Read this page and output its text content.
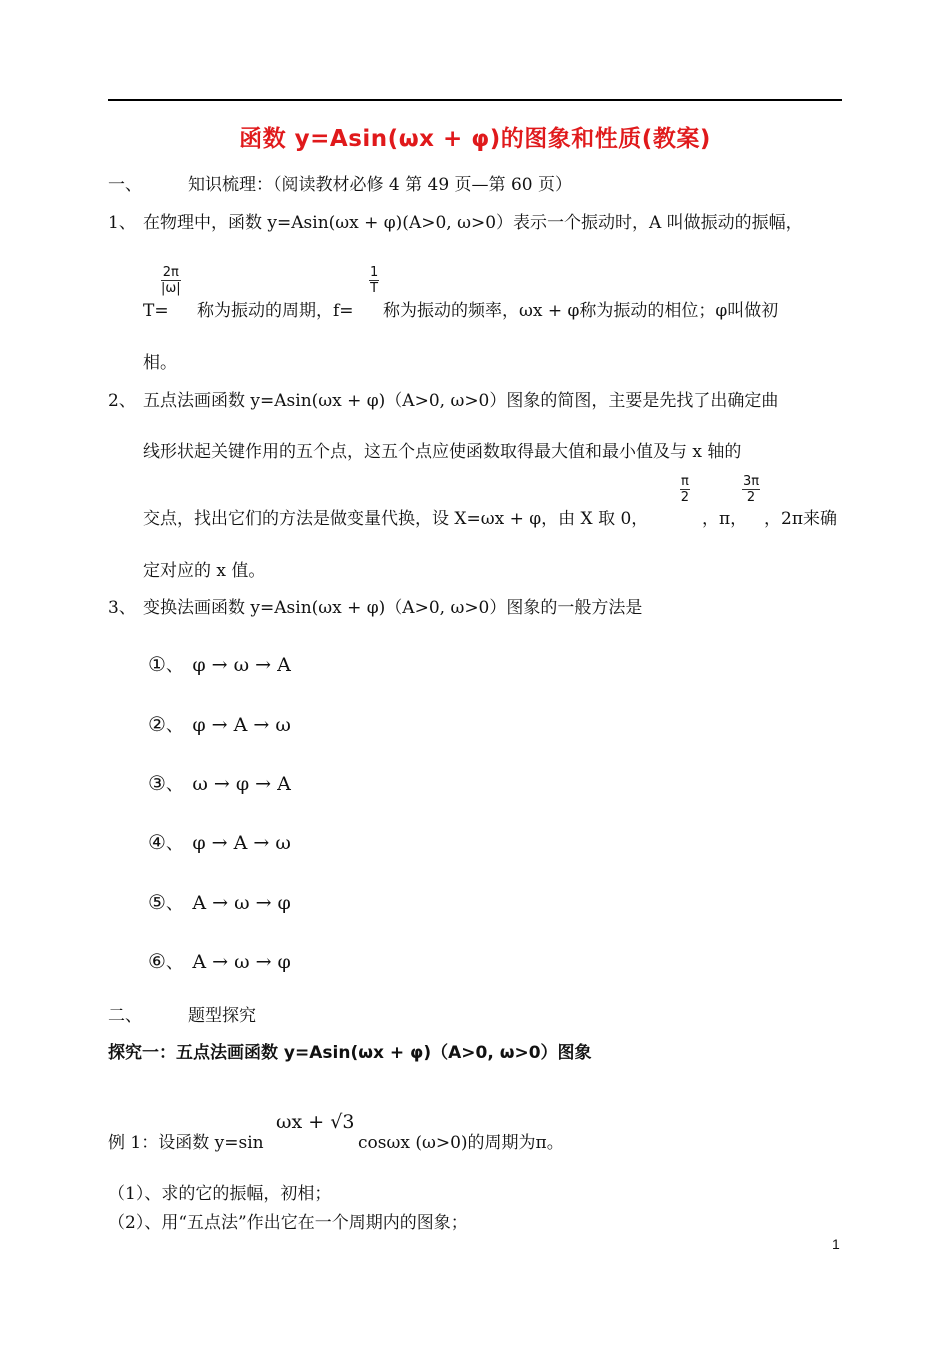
函数 y=Asin(ωx + φ)的图象和性质(教案)
一、	知识梳理：（阅读教材必修 4 第 49 页—第 60 页）
1、 在物理中，函数 y=Asin(ωx + φ)(A>0, ω>0）表示一个振动时，A 叫做振动的振幅，
T=
$\frac{2\pi}{|\omega|}$
称为振动的周期，f=
$\frac{1}{T}$
称为振动的频率，ωx + φ称为振动的相位；φ叫做初
相。
2、 五点法画函数 y=Asin(ωx + φ)（A>0, ω>0）图象的简图，主要是先找了出确定曲
线形状起关键作用的五个点，这五个点应使函数取得最大值和最小值及与 x 轴的
交点，找出它们的方法是做变量代换，设 X=ωx + φ，由 X 取 0，
$\frac{\pi}{2}$
，π，
$\frac{3\pi}{2}$
，2π来确
定对应的 x 值。
3、 变换法画函数 y=Asin(ωx + φ)（A>0, ω>0）图象的一般方法是
①、 φ → ω → A
②、 φ → A → ω
③、 ω → φ → A
④、 φ → A → ω
⑤、 A → ω → φ
⑥、 A → ω → φ
二、	题型探究
探究一：五点法画函数 y=Asin(ωx + φ)（A>0, ω>0）图象
ωx + √3
例 1：设函数 y=sin	cosωx (ω>0)的周期为π。
（1）、求的它的振幅，初相；
（2）、用“五点法”作出它在一个周期内的图象；
1
